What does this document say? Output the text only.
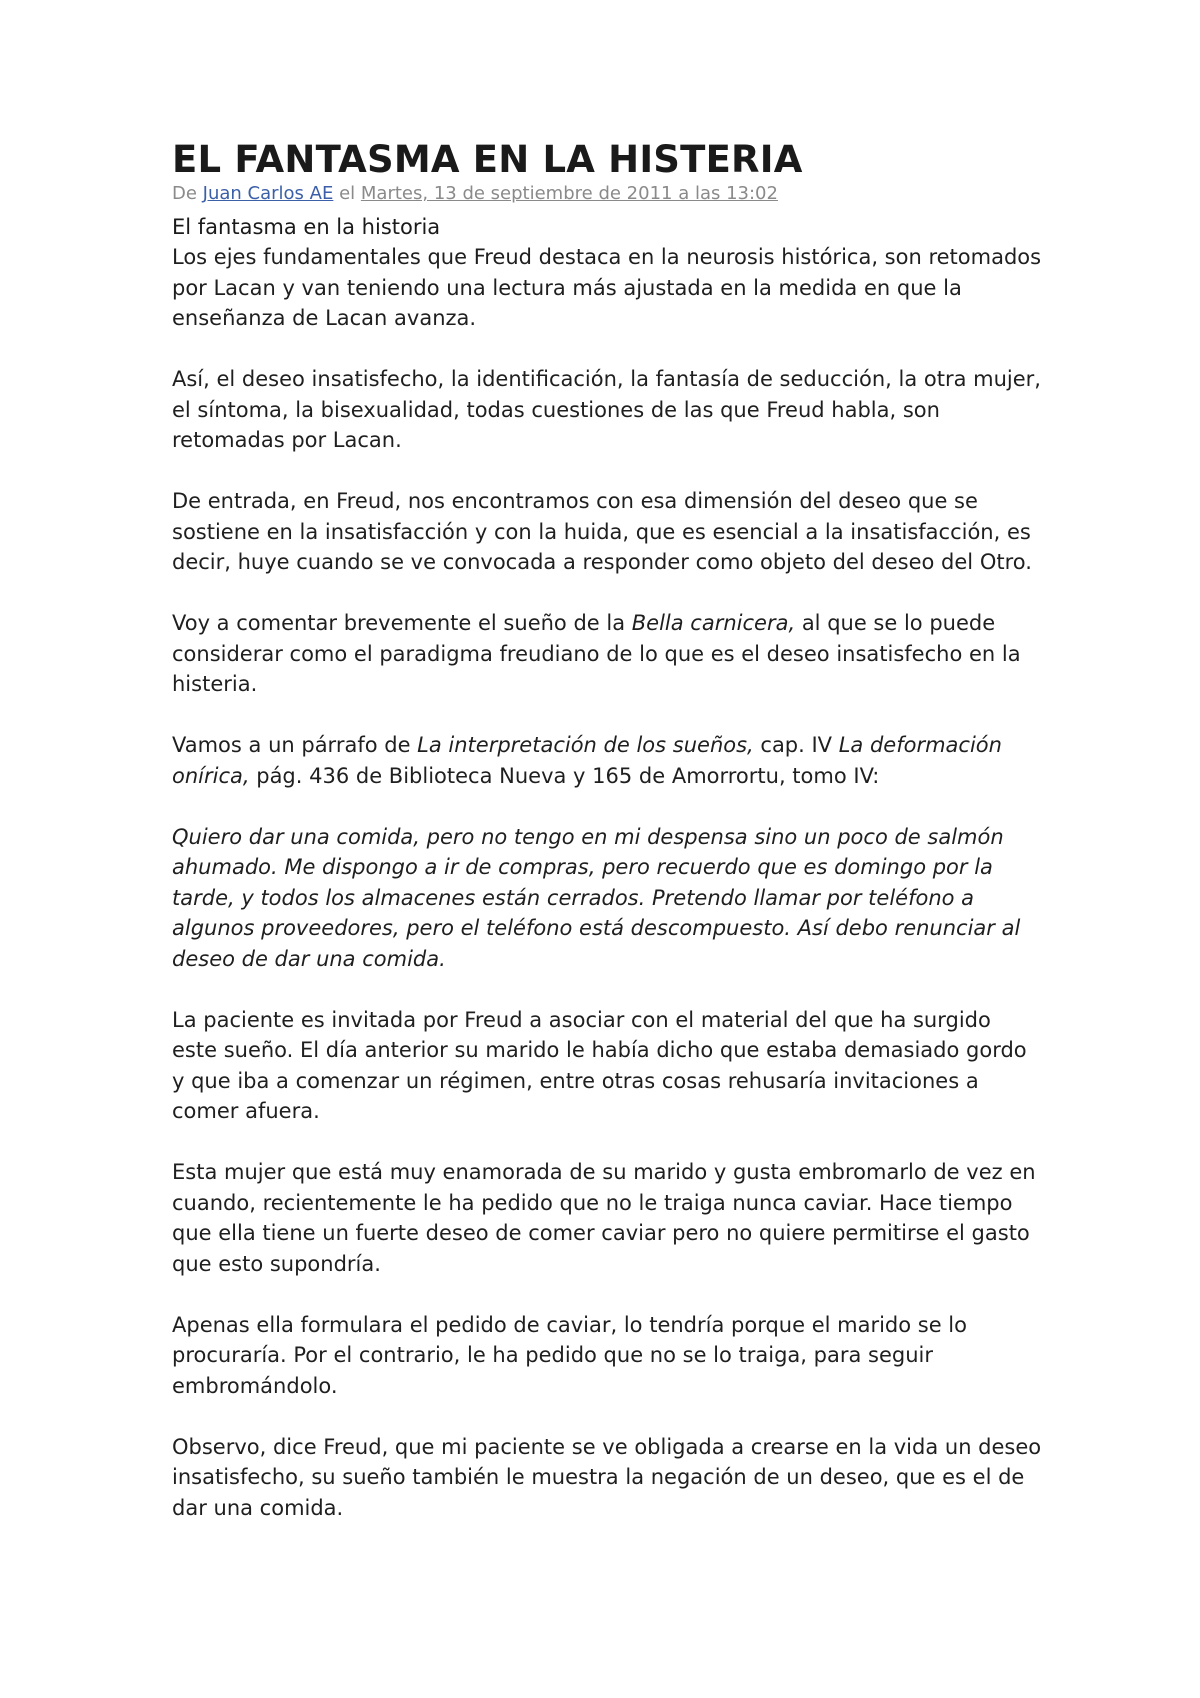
EL FANTASMA EN LA HISTERIA

De Juan Carlos AE el Martes, 13 de septiembre de 2011 a las 13:02

El fantasma en la historia

Los ejes fundamentales que Freud destaca en la neurosis histórica, son retomados por Lacan y van teniendo una lectura más ajustada en la medida en que la enseñanza de Lacan avanza.

Así, el deseo insatisfecho, la identificación, la fantasía de seducción, la otra mujer, el síntoma, la bisexualidad, todas cuestiones de las que Freud habla, son retomadas por Lacan.

De entrada, en Freud, nos encontramos con esa dimensión del deseo que se sostiene en la insatisfacción y con la huida, que es esencial a la insatisfacción, es decir, huye cuando se ve convocada a responder como objeto del deseo del Otro.

Voy a comentar brevemente el sueño de la Bella carnicera, al que se lo puede considerar como el paradigma freudiano de lo que es el deseo insatisfecho en la histeria.

Vamos a un párrafo de La interpretación de los sueños, cap. IV La deformación onírica, pág. 436 de Biblioteca Nueva y 165 de Amorrortu, tomo IV:

Quiero dar una comida, pero no tengo en mi despensa sino un poco de salmón ahumado. Me dispongo a ir de compras, pero recuerdo que es domingo por la tarde, y todos los almacenes están cerrados. Pretendo llamar por teléfono a algunos proveedores, pero el teléfono está descompuesto. Así debo renunciar al deseo de dar una comida.

La paciente es invitada por Freud a asociar con el material del que ha surgido este sueño. El día anterior su marido le había dicho que estaba demasiado gordo y que iba a comenzar un régimen, entre otras cosas rehusaría invitaciones a comer afuera.

Esta mujer que está muy enamorada de su marido y gusta embromarlo de vez en cuando, recientemente le ha pedido que no le traiga nunca caviar. Hace tiempo que ella tiene un fuerte deseo de comer caviar pero no quiere permitirse el gasto que esto supondría.

Apenas ella formulara el pedido de caviar, lo tendría porque el marido se lo procuraría. Por el contrario, le ha pedido que no se lo traiga, para seguir embromándolo.

Observo, dice Freud, que mi paciente se ve obligada a crearse en la vida un deseo insatisfecho, su sueño también le muestra la negación de un deseo, que es el de dar una comida.
